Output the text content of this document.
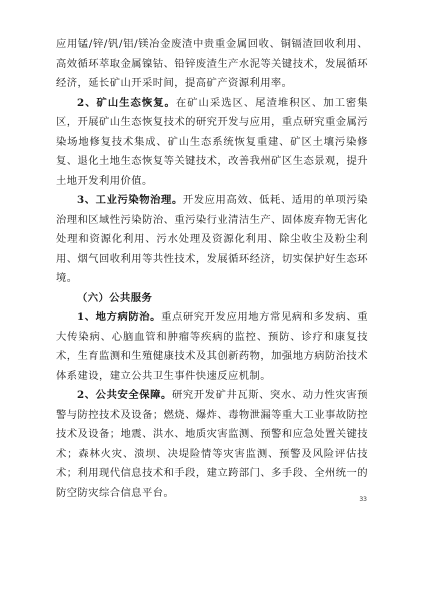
应用锰/锌/钒/铝/镁冶金废渣中贵重金属回收、铜镉渣回收利用、高效循环萃取金属镍钴、铅锌废渣生产水泥等关键技术，发展循环经济，延长矿山开采时间，提高矿产资源利用率。

2、矿山生态恢复。在矿山采选区、尾渣堆积区、加工密集区，开展矿山生态恢复技术的研究开发与应用，重点研究重金属污染场地修复技术集成、矿山生态系统恢复重建、矿区土壤污染修复、退化土地生态恢复等关键技术，改善我州矿区生态景观，提升土地开发利用价值。

3、工业污染物治理。开发应用高效、低耗、适用的单项污染治理和区域性污染防治、重污染行业清洁生产、固体废弃物无害化处理和资源化利用、污水处理及资源化利用、除尘收尘及粉尘利用、烟气回收利用等共性技术，发展循环经济，切实保护好生态环境。

（六）公共服务

1、地方病防治。重点研究开发应用地方常见病和多发病、重大传染病、心脑血管和肿瘤等疾病的监控、预防、诊疗和康复技术，生育监测和生殖健康技术及其创新药物，加强地方病防治技术体系建设，建立公共卫生事件快速反应机制。

2、公共安全保障。研究开发矿井瓦斯、突水、动力性灾害预警与防控技术及设备；燃烧、爆炸、毒物泄漏等重大工业事故防控技术及设备；地震、洪水、地质灾害监测、预警和应急处置关键技术；森林火灾、溃坝、决堤险情等灾害监测、预警及风险评估技术；利用现代信息技术和手段，建立跨部门、多手段、全州统一的防空防灾综合信息平台。

33
